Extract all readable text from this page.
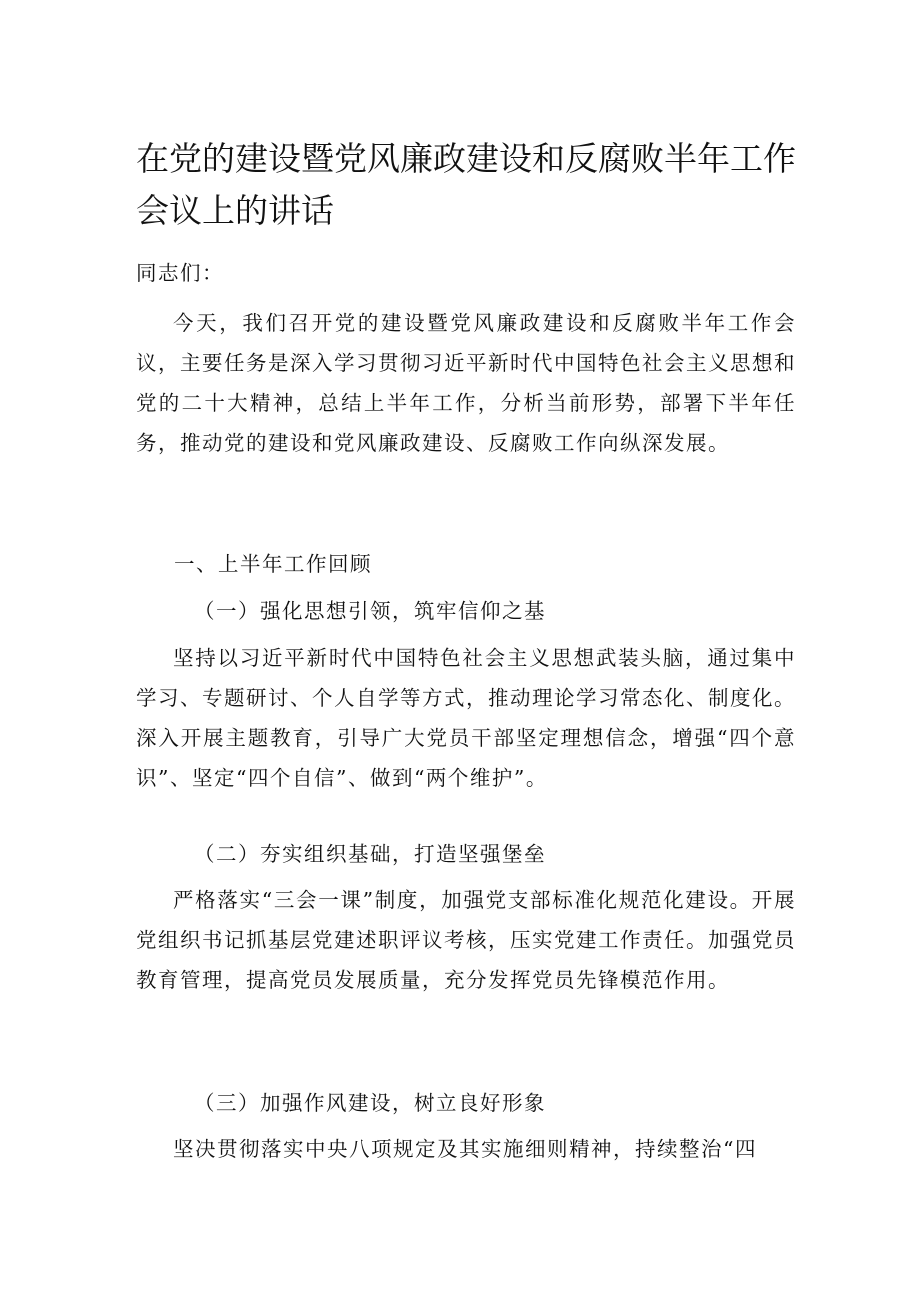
在党的建设暨党风廉政建设和反腐败半年工作会议上的讲话

同志们：

今天，我们召开党的建设暨党风廉政建设和反腐败半年工作会议，主要任务是深入学习贯彻习近平新时代中国特色社会主义思想和党的二十大精神，总结上半年工作，分析当前形势，部署下半年任务，推动党的建设和党风廉政建设、反腐败工作向纵深发展。

一、上半年工作回顾

（一）强化思想引领，筑牢信仰之基

坚持以习近平新时代中国特色社会主义思想武装头脑，通过集中学习、专题研讨、个人自学等方式，推动理论学习常态化、制度化。深入开展主题教育，引导广大党员干部坚定理想信念，增强“四个意识”、坚定“四个自信”、做到“两个维护”。

（二）夯实组织基础，打造坚强堡垒

严格落实“三会一课”制度，加强党支部标准化规范化建设。开展党组织书记抓基层党建述职评议考核，压实党建工作责任。加强党员教育管理，提高党员发展质量，充分发挥党员先锋模范作用。

（三）加强作风建设，树立良好形象

坚决贯彻落实中央八项规定及其实施细则精神，持续整治“四
